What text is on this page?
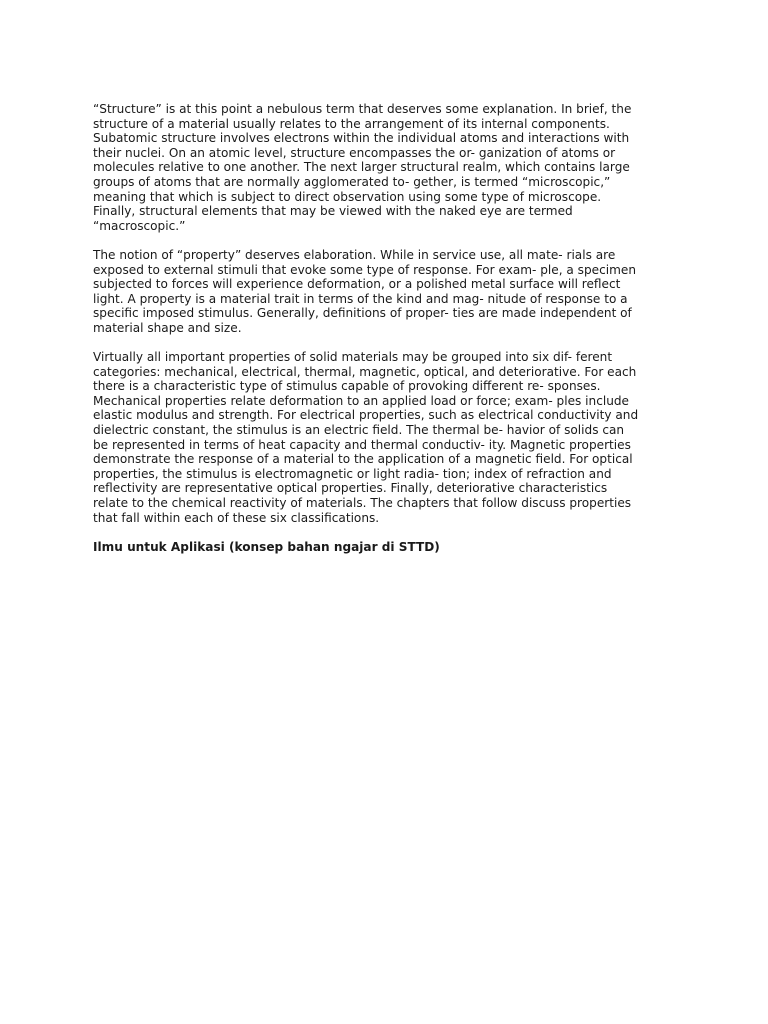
“Structure” is at this point a nebulous term that deserves some explanation. In brief, the
structure of a material usually relates to the arrangement of its internal components.
Subatomic structure involves electrons within the individual atoms and interactions with
their nuclei. On an atomic level, structure encompasses the or- ganization of atoms or
molecules relative to one another. The next larger structural realm, which contains large
groups of atoms that are normally agglomerated to- gether, is termed “microscopic,”
meaning that which is subject to direct observation using some type of microscope.
Finally, structural elements that may be viewed with the naked eye are termed
“macroscopic.”
The notion of “property” deserves elaboration. While in service use, all mate- rials are
exposed to external stimuli that evoke some type of response. For exam- ple, a specimen
subjected to forces will experience deformation, or a polished metal surface will reflect
light. A property is a material trait in terms of the kind and mag- nitude of response to a
specific imposed stimulus. Generally, definitions of proper- ties are made independent of
material shape and size.
Virtually all important properties of solid materials may be grouped into six dif- ferent
categories: mechanical, electrical, thermal, magnetic, optical, and deteriorative. For each
there is a characteristic type of stimulus capable of provoking different re- sponses.
Mechanical properties relate deformation to an applied load or force; exam- ples include
elastic modulus and strength. For electrical properties, such as electrical conductivity and
dielectric constant, the stimulus is an electric field. The thermal be- havior of solids can
be represented in terms of heat capacity and thermal conductiv- ity. Magnetic properties
demonstrate the response of a material to the application of a magnetic field. For optical
properties, the stimulus is electromagnetic or light radia- tion; index of refraction and
reflectivity are representative optical properties. Finally, deteriorative characteristics
relate to the chemical reactivity of materials. The chapters that follow discuss properties
that fall within each of these six classifications.

Ilmu untuk Aplikasi (konsep bahan ngajar di STTD)
